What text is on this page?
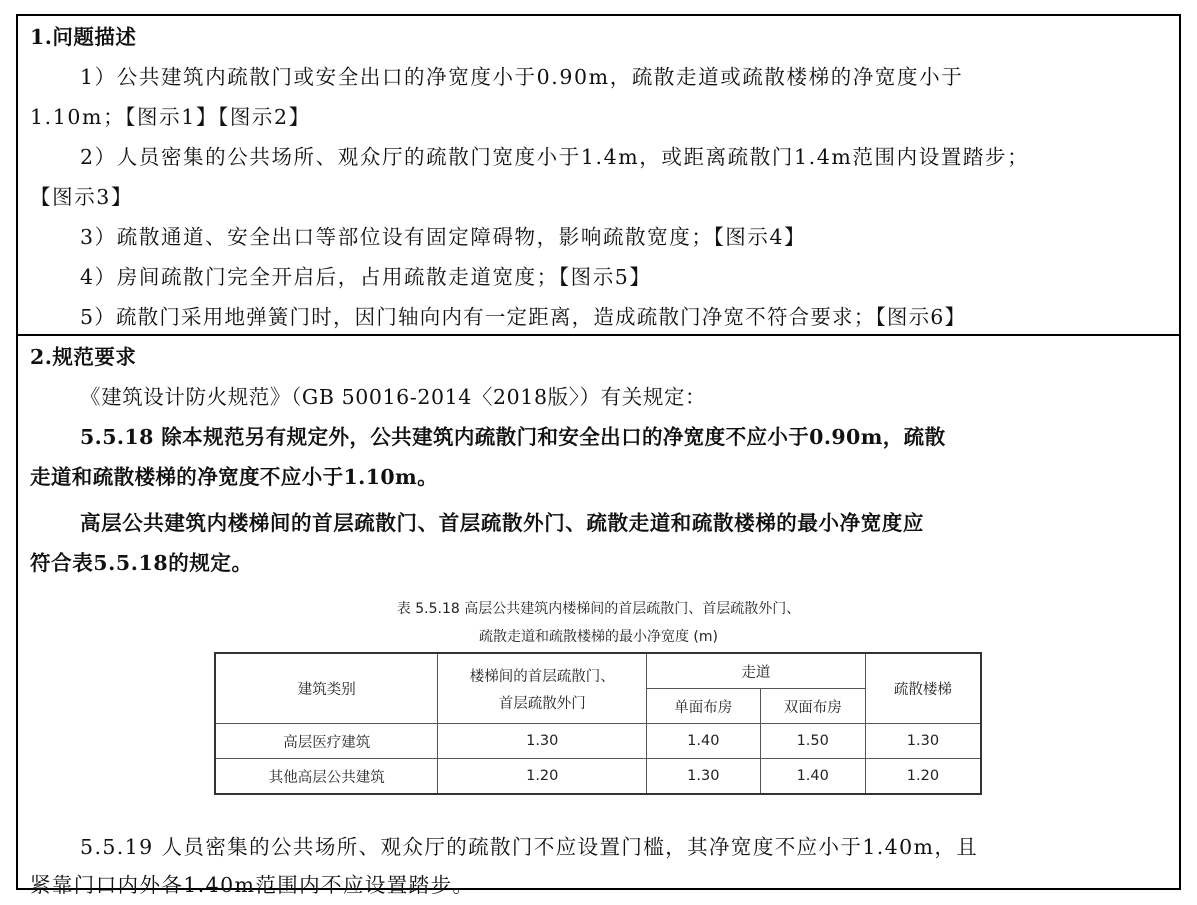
1.问题描述
1）公共建筑内疏散门或安全出口的净宽度小于0.90m，疏散走道或疏散楼梯的净宽度小于
1.10m；【图示1】【图示2】
2）人员密集的公共场所、观众厅的疏散门宽度小于1.4m，或距离疏散门1.4m范围内设置踏步；
【图示3】
3）疏散通道、安全出口等部位设有固定障碍物，影响疏散宽度；【图示4】
4）房间疏散门完全开启后，占用疏散走道宽度；【图示5】
5）疏散门采用地弹簧门时，因门轴向内有一定距离，造成疏散门净宽不符合要求；【图示6】
2.规范要求
《建筑设计防火规范》（GB 50016-2014〈2018版〉）有关规定：
5.5.18 除本规范另有规定外，公共建筑内疏散门和安全出口的净宽度不应小于0.90m，疏散
走道和疏散楼梯的净宽度不应小于1.10m。
高层公共建筑内楼梯间的首层疏散门、首层疏散外门、疏散走道和疏散楼梯的最小净宽度应
符合表5.5.18的规定。
表 5.5.18 高层公共建筑内楼梯间的首层疏散门、首层疏散外门、
疏散走道和疏散楼梯的最小净宽度 (m)
建筑类别	楼梯间的首层疏散门、
首层疏散外门	走道		疏散楼梯
		单面布房	双面布房	
高层医疗建筑	1.30	1.40	1.50	1.30
其他高层公共建筑	1.20	1.30	1.40	1.20
5.5.19 人员密集的公共场所、观众厅的疏散门不应设置门槛，其净宽度不应小于1.40m，且
紧靠门口内外各1.40m范围内不应设置踏步。
